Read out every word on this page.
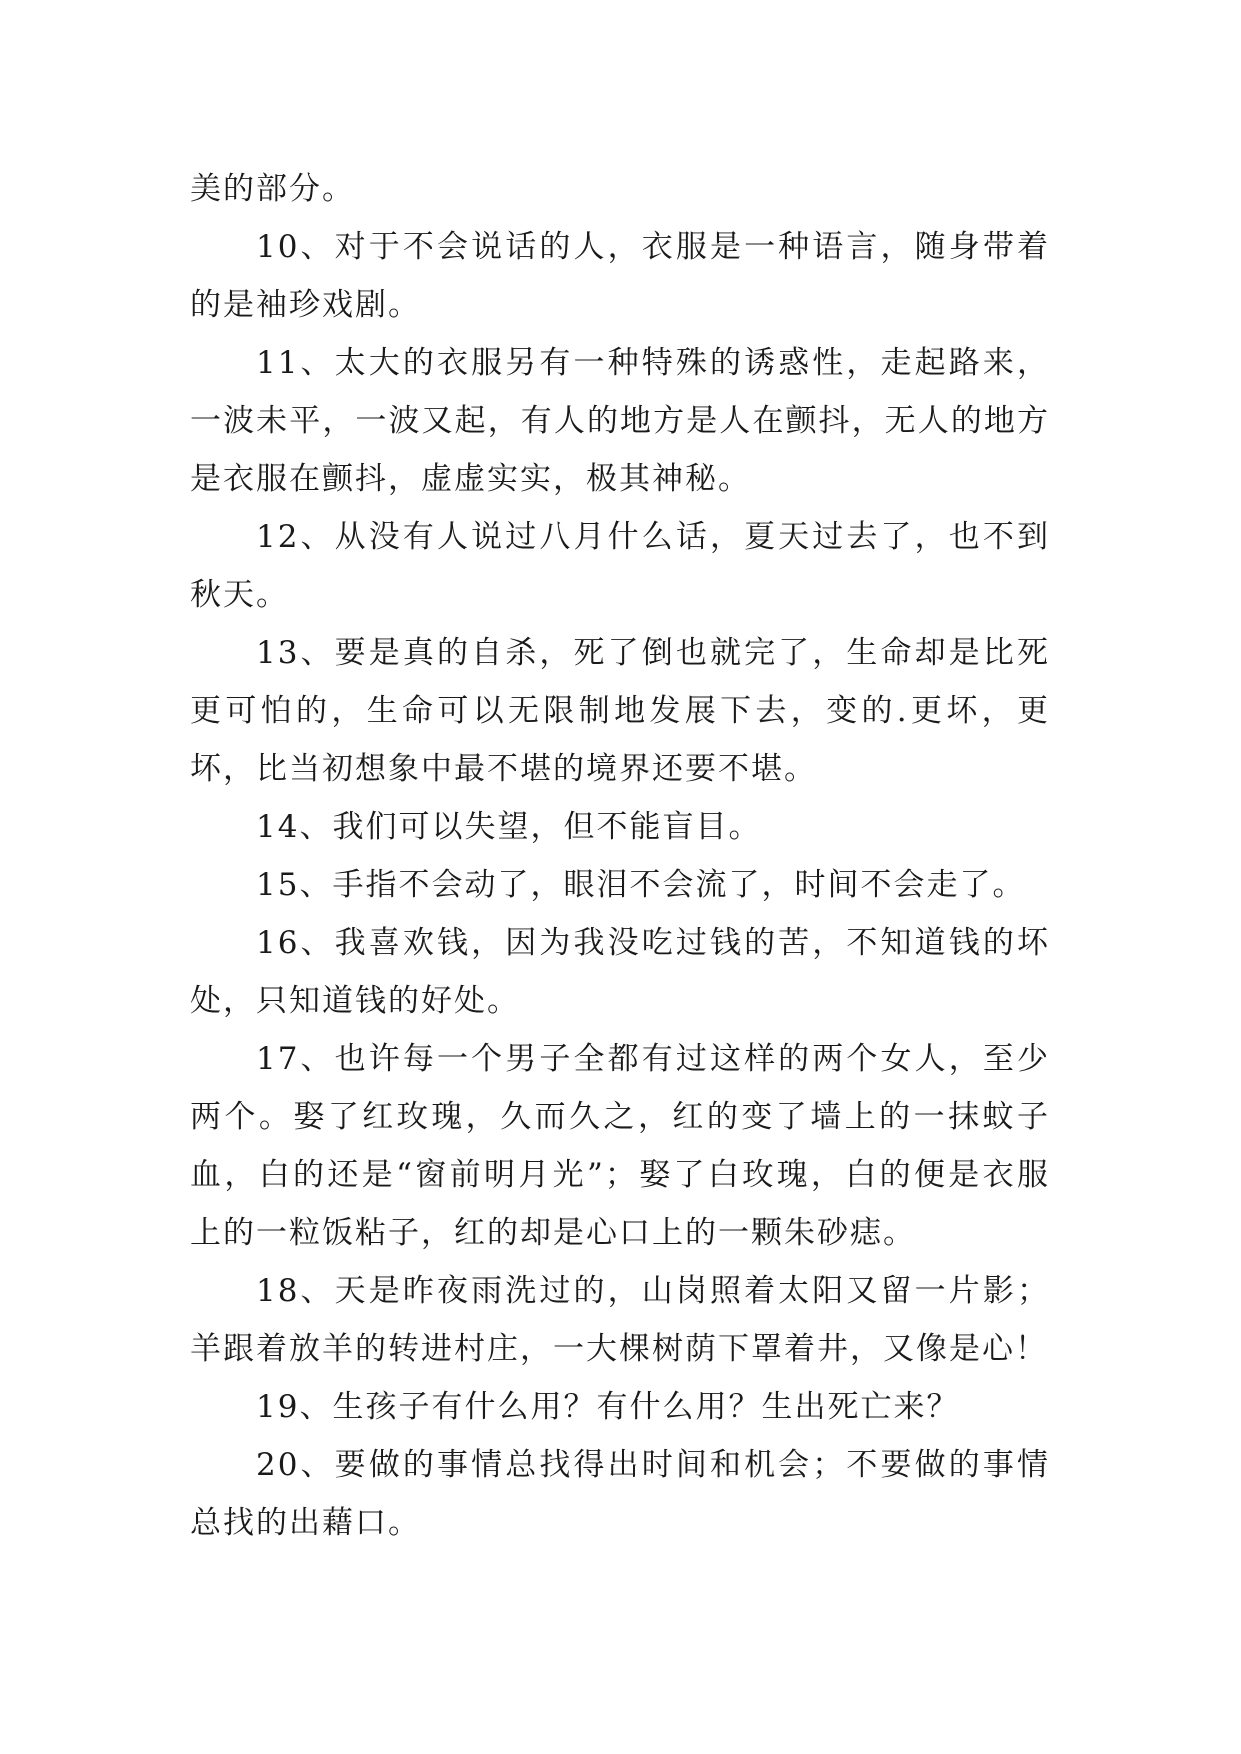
美的部分。

10、对于不会说话的人，衣服是一种语言，随身带着的是袖珍戏剧。

11、太大的衣服另有一种特殊的诱惑性，走起路来，一波未平，一波又起，有人的地方是人在颤抖，无人的地方是衣服在颤抖，虚虚实实，极其神秘。

12、从没有人说过八月什么话，夏天过去了，也不到秋天。

13、要是真的自杀，死了倒也就完了，生命却是比死更可怕的，生命可以无限制地发展下去，变的.更坏，更坏，比当初想象中最不堪的境界还要不堪。

14、我们可以失望，但不能盲目。

15、手指不会动了，眼泪不会流了，时间不会走了。

16、我喜欢钱，因为我没吃过钱的苦，不知道钱的坏处，只知道钱的好处。

17、也许每一个男子全都有过这样的两个女人，至少两个。娶了红玫瑰，久而久之，红的变了墙上的一抹蚊子血，白的还是“窗前明月光”；娶了白玫瑰，白的便是衣服上的一粒饭粘子，红的却是心口上的一颗朱砂痣。

18、天是昨夜雨洗过的，山岗照着太阳又留一片影；羊跟着放羊的转进村庄，一大棵树荫下罩着井，又像是心！

19、生孩子有什么用？有什么用？生出死亡来？

20、要做的事情总找得出时间和机会；不要做的事情总找的出藉口。
